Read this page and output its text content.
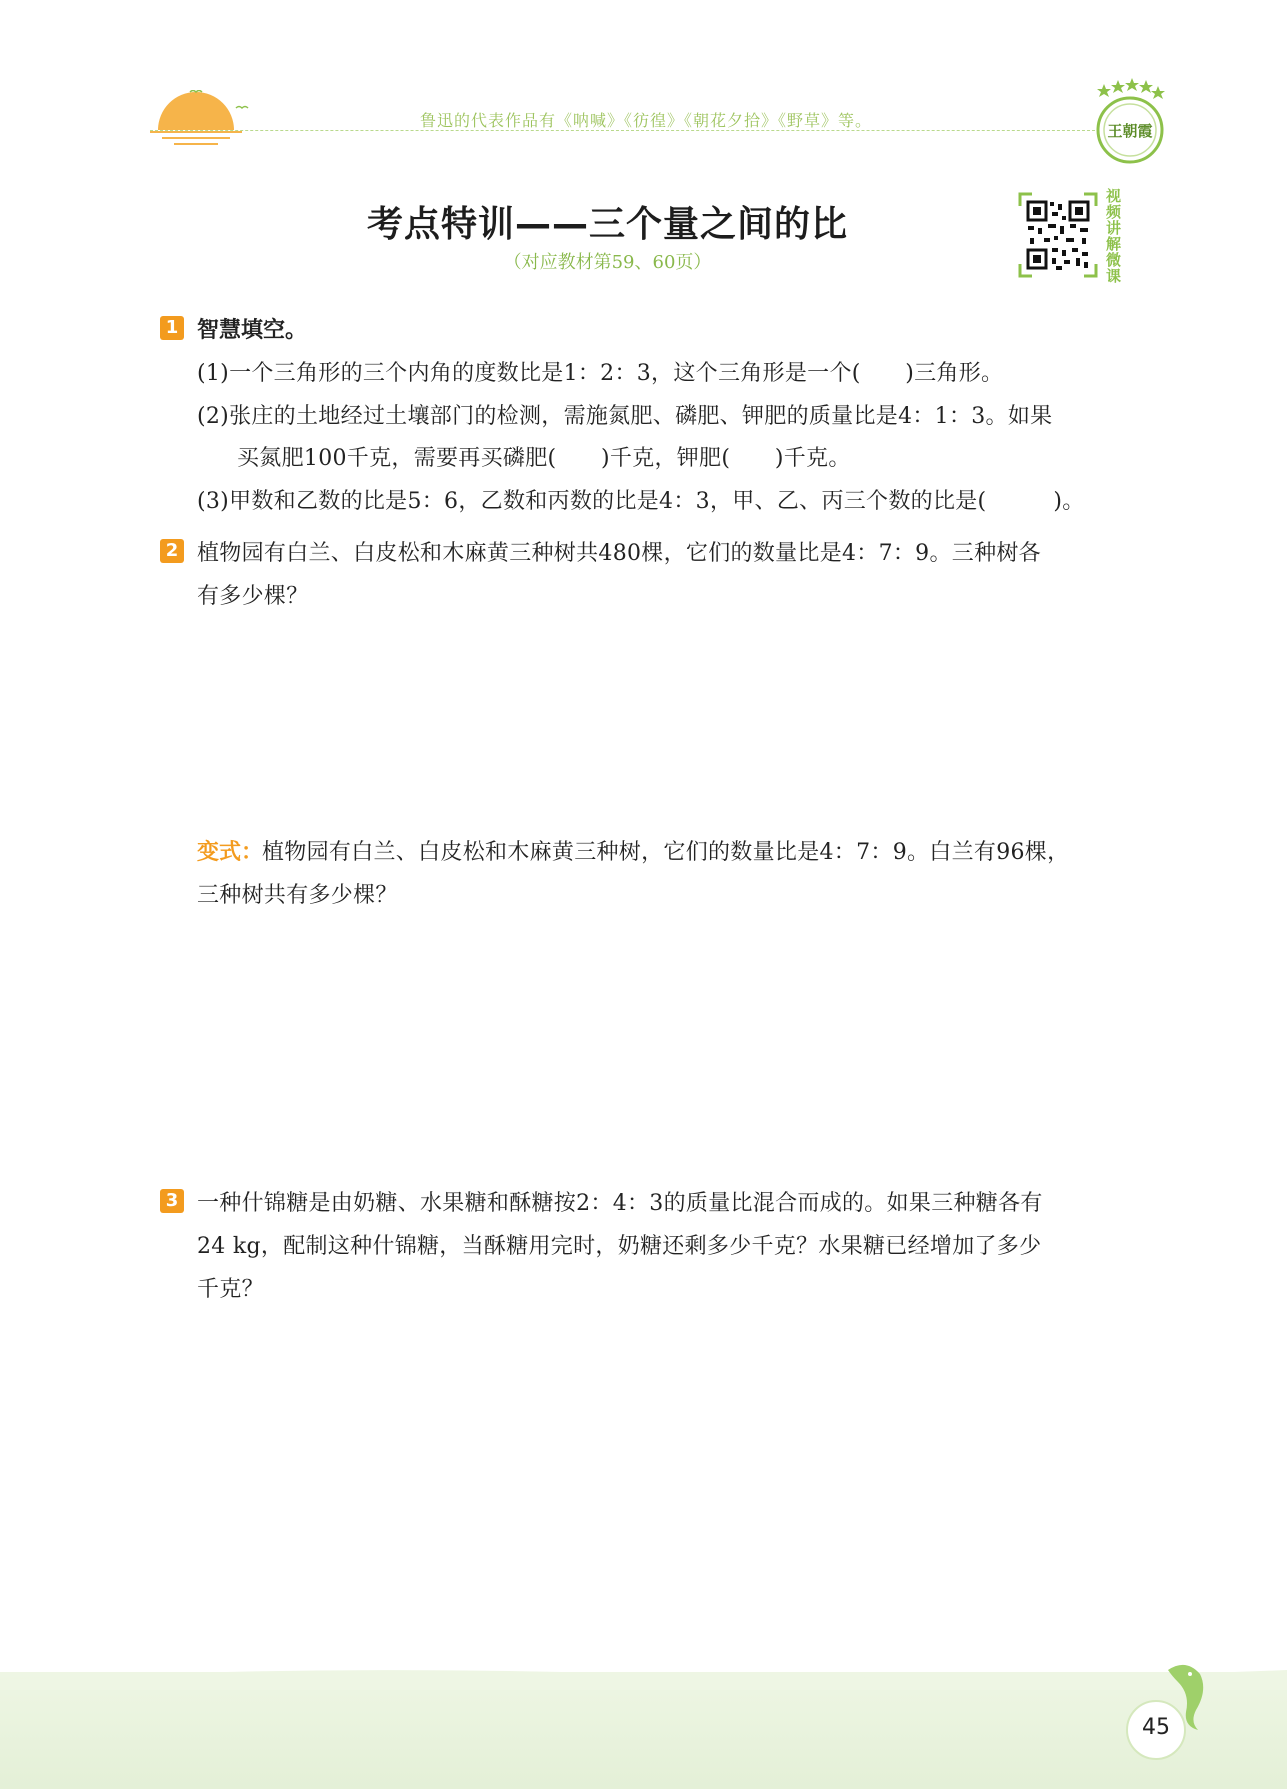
鲁迅的代表作品有《呐喊》《彷徨》《朝花夕拾》《野草》等。
王朝霞
考点特训——三个量之间的比
（对应教材第59、60页）
视
频
讲
解
微
课
1 智慧填空。
(1)一个三角形的三个内角的度数比是1：2：3，这个三角形是一个(　　)三角形。
(2)张庄的土地经过土壤部门的检测，需施氮肥、磷肥、钾肥的质量比是4：1：3。如果
买氮肥100千克，需要再买磷肥(　　)千克，钾肥(　　)千克。
(3)甲数和乙数的比是5：6，乙数和丙数的比是4：3，甲、乙、丙三个数的比是(　　　)。
2 植物园有白兰、白皮松和木麻黄三种树共480棵，它们的数量比是4：7：9。三种树各
有多少棵？
变式：
植物园有白兰、白皮松和木麻黄三种树，它们的数量比是4：7：9。白兰有96棵，
三种树共有多少棵？
3 一种什锦糖是由奶糖、水果糖和酥糖按2：4：3的质量比混合而成的。如果三种糖各有
24 kg，配制这种什锦糖，当酥糖用完时，奶糖还剩多少千克？水果糖已经增加了多少
千克？
45
